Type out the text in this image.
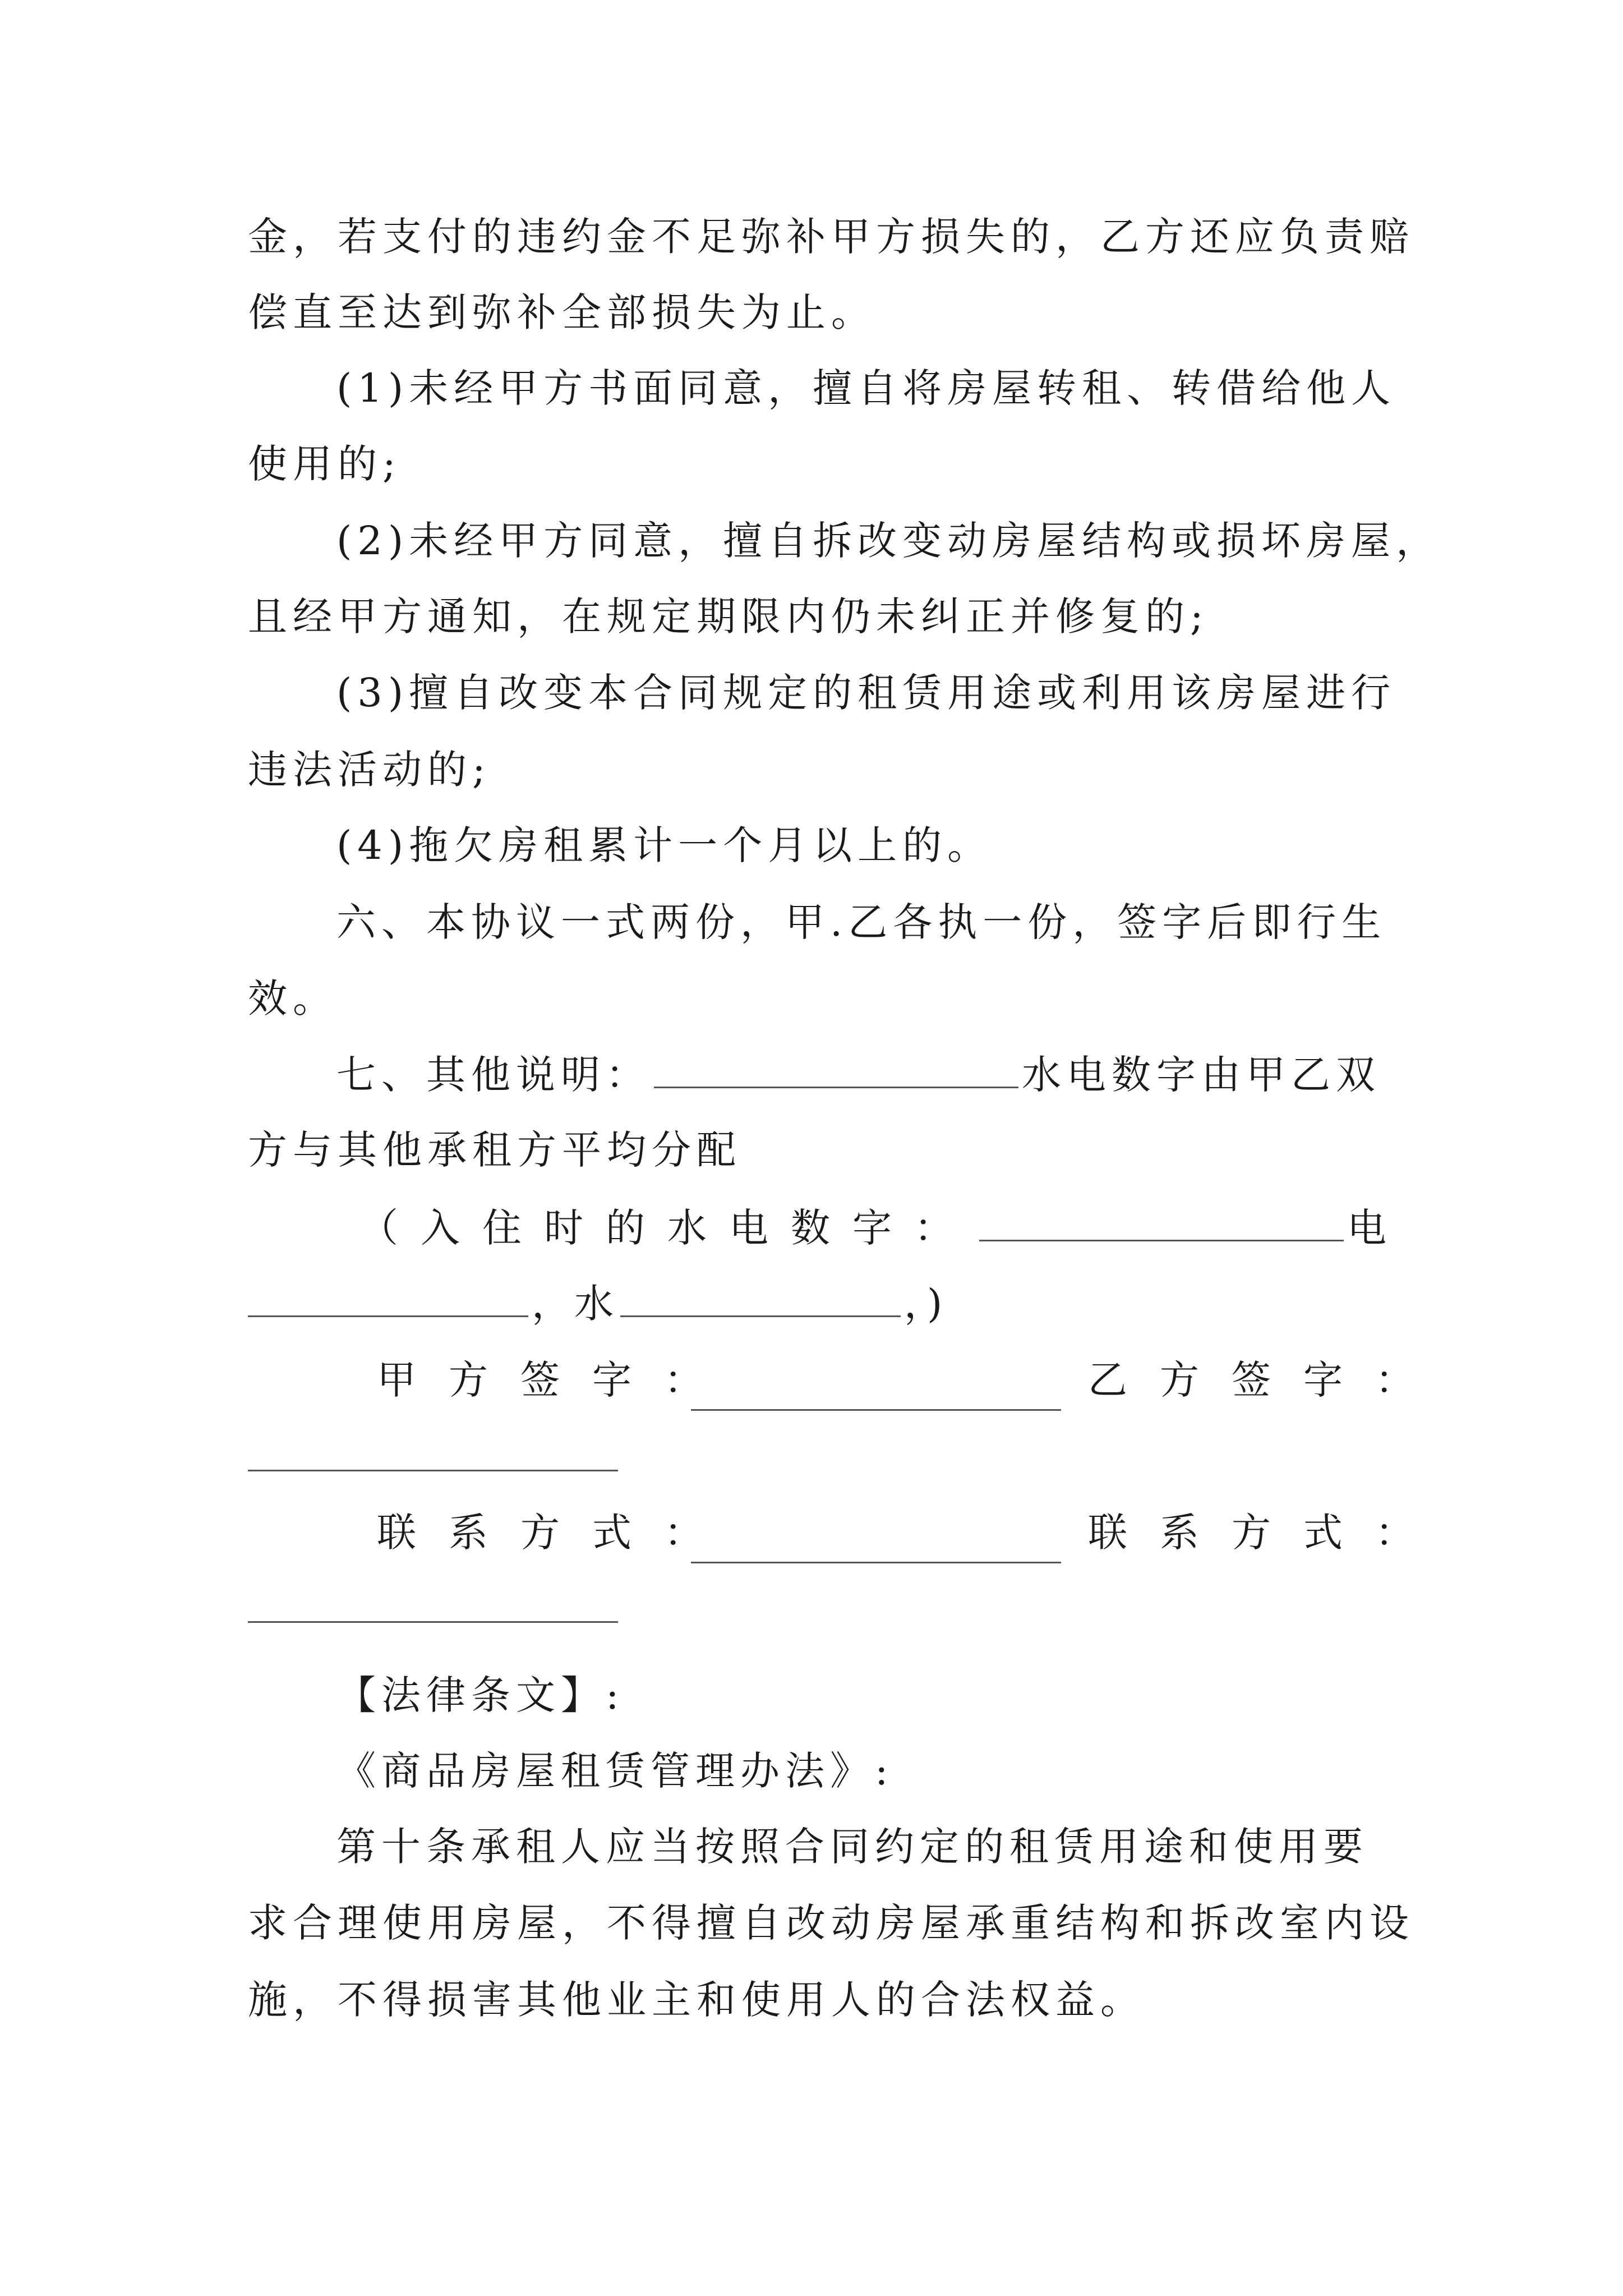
金，若支付的违约金不足弥补甲方损失的，乙方还应负责赔
偿直至达到弥补全部损失为止。
(1)未经甲方书面同意，擅自将房屋转租、转借给他人
使用的;
(2)未经甲方同意，擅自拆改变动房屋结构或损坏房屋，
且经甲方通知，在规定期限内仍未纠正并修复的;
(3)擅自改变本合同规定的租赁用途或利用该房屋进行
违法活动的;
(4)拖欠房租累计一个月以上的。
六、本协议一式两份，甲.乙各执一份，签字后即行生
效。
七、其他说明：	水电数字由甲乙双
方与其他承租方平均分配
（入住时的水电数字：	电
，水	，)
甲方签字：	乙方签字：
联系方式：	联系方式：
【法律条文】:
《商品房屋租赁管理办法》:
第十条承租人应当按照合同约定的租赁用途和使用要
求合理使用房屋，不得擅自改动房屋承重结构和拆改室内设
施，不得损害其他业主和使用人的合法权益。
